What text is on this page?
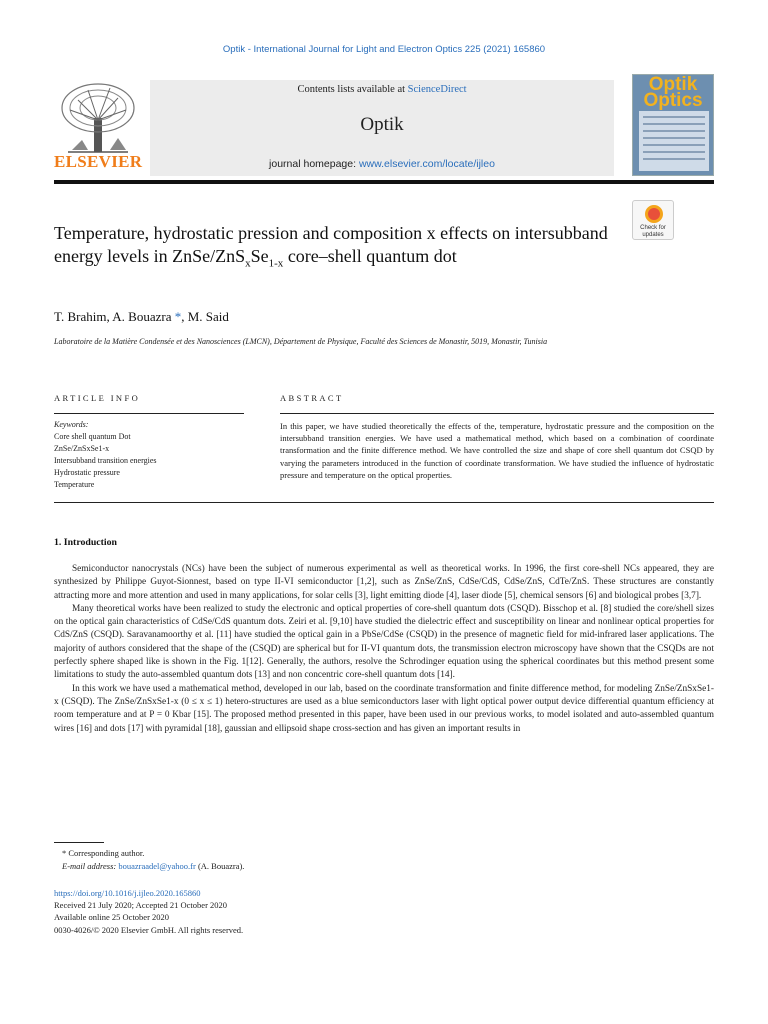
Optik - International Journal for Light and Electron Optics 225 (2021) 165860
ELSEVIER
Contents lists available at ScienceDirect
Optik
journal homepage: www.elsevier.com/locate/ijleo
Optik
Optics
Check for
updates
Temperature, hydrostatic pression and composition x effects on intersubband energy levels in ZnSe/$ZnS_xSe_{1-x}$ core–shell quantum dot
T. Brahim, A. Bouazra *, M. Said
Laboratoire de la Matière Condensée et des Nanosciences (LMCN), Département de Physique, Faculté des Sciences de Monastir, 5019, Monastir, Tunisia
ARTICLE INFO	ABSTRACT
Keywords:
Core shell quantum Dot
ZnSe/ZnSxSe1-x
Intersubband transition energies
Hydrostatic pressure
Temperature
In this paper, we have studied theoretically the effects of the, temperature, hydrostatic pressure and the composition on the intersubband transition energies. We have used a mathematical method, which based on a combination of coordinate transformation and the finite difference method. We have controlled the size and shape of core shell quantum dot CSQD by varying the parameters introduced in the function of coordinate transformation. We have studied the influence of hydrostatic pressure and temperature on the optical properties.
1. Introduction

Semiconductor nanocrystals (NCs) have been the subject of numerous experimental as well as theoretical works. In 1996, the first core-shell NCs appeared, they are synthesized by Philippe Guyot-Sionnest, based on type II-VI semiconductor [1,2], such as ZnSe/ZnS, CdSe/CdS, CdSe/ZnS, CdTe/ZnS. These structures are constantly attracting more and more attention and used in many applications, for solar cells [3], light emitting diode [4], laser diode [5], chemical sensors [6] and biological probes [3,7].

Many theoretical works have been realized to study the electronic and optical properties of core-shell quantum dots (CSQD). Bisschop et al. [8] studied the core/shell sizes on the optical gain characteristics of CdSe/CdS quantum dots. Zeiri et al. [9,10] have studied the dielectric effect and susceptibility on linear and nonlinear optical properties for CdS/ZnS (CSQD). Saravanamoorthy et al. [11] have studied the optical gain in a PbSe/CdSe (CSQD) in the presence of magnetic field for mid-infrared laser applications. The majority of authors considered that the shape of the (CSQD) are spherical but for II-VI quantum dots, the transmission electron microscopy have shown that the CSQDs are not perfectly sphere shaped like is shown in the Fig. 1[12]. Generally, the authors, resolve the Schrodinger equation using the spherical coordinates but this method present some limitations to study the auto-assembled quantum dots [13] and non concentric core-shell quantum dots [14].

In this work we have used a mathematical method, developed in our lab, based on the coordinate transformation and finite difference method, for modeling ZnSe/ZnSxSe1-x (CSQD). The ZnSe/ZnSxSe1-x (0 ≤ x ≤ 1) hetero-structures are used as a blue semiconductors laser with light optical power output device differential quantum efficiency at room temperature and at P = 0 Kbar [15]. The proposed method presented in this paper, have been used in our previous works, to model isolated and auto-assembled quantum wires [16] and dots [17] with pyramidal [18], gaussian and ellipsoid shape cross-section and has given an important results in

* Corresponding author.
E-mail address: bouazraadel@yahoo.fr (A. Bouazra).
https://doi.org/10.1016/j.ijleo.2020.165860
Received 21 July 2020; Accepted 21 October 2020
Available online 25 October 2020
0030-4026/© 2020 Elsevier GmbH. All rights reserved.
